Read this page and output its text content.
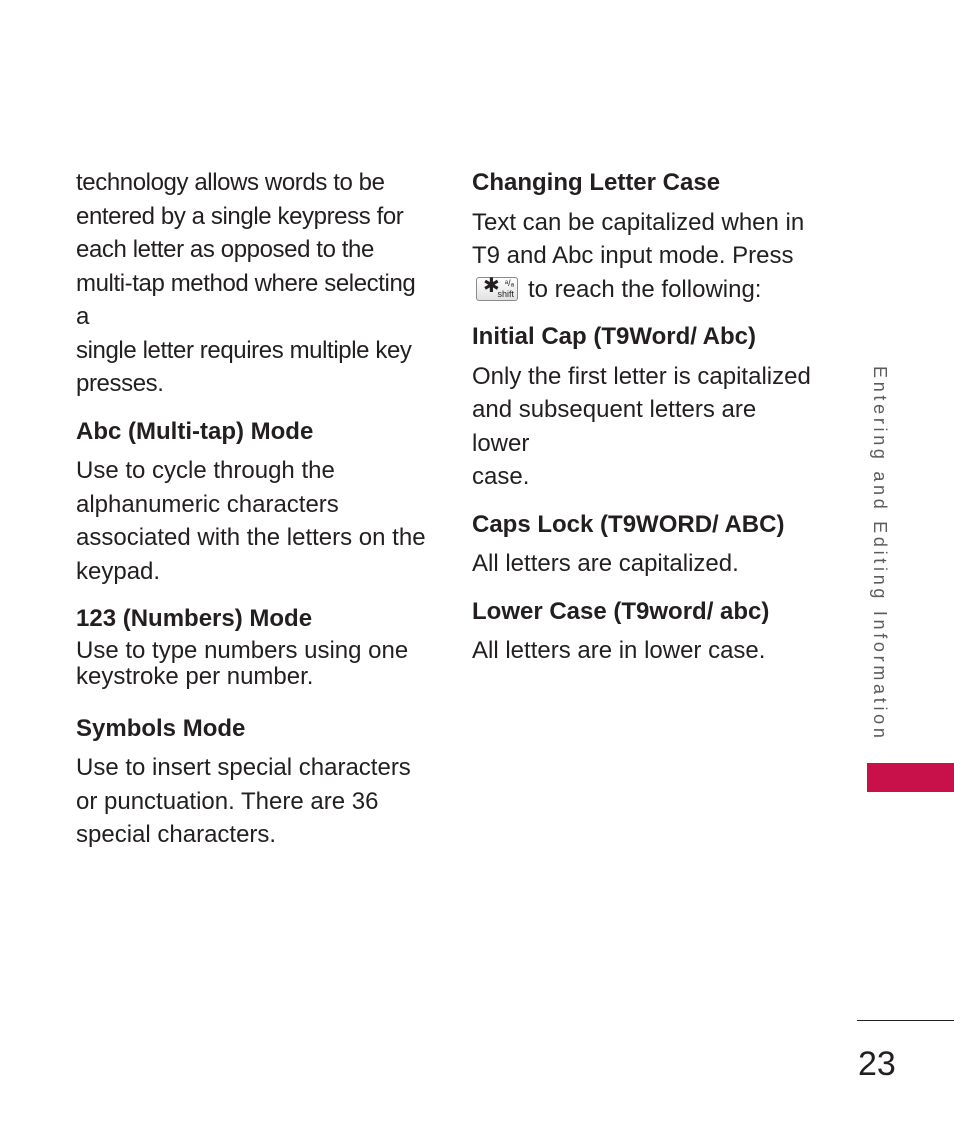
technology allows words to be
entered by a single keypress for
each letter as opposed to the
multi-tap method where selecting a
single letter requires multiple key
presses.

Abc (Multi-tap) Mode

Use to cycle through the
alphanumeric characters
associated with the letters on the
keypad.

123 (Numbers) Mode

Use to type numbers using one
keystroke per number.

Symbols Mode

Use to insert special characters
or punctuation. There are 36
special characters.

Changing Letter Case

Text can be capitalized when in
T9 and Abc input mode. Press

✱ ᵃ/ₐ
shift to reach the following:

Initial Cap (T9Word/ Abc)

Only the first letter is capitalized
and subsequent letters are lower
case.

Caps Lock (T9WORD/ ABC)

All letters are capitalized.

Lower Case (T9word/ abc)

All letters are in lower case.	Entering and Editing Information
23
